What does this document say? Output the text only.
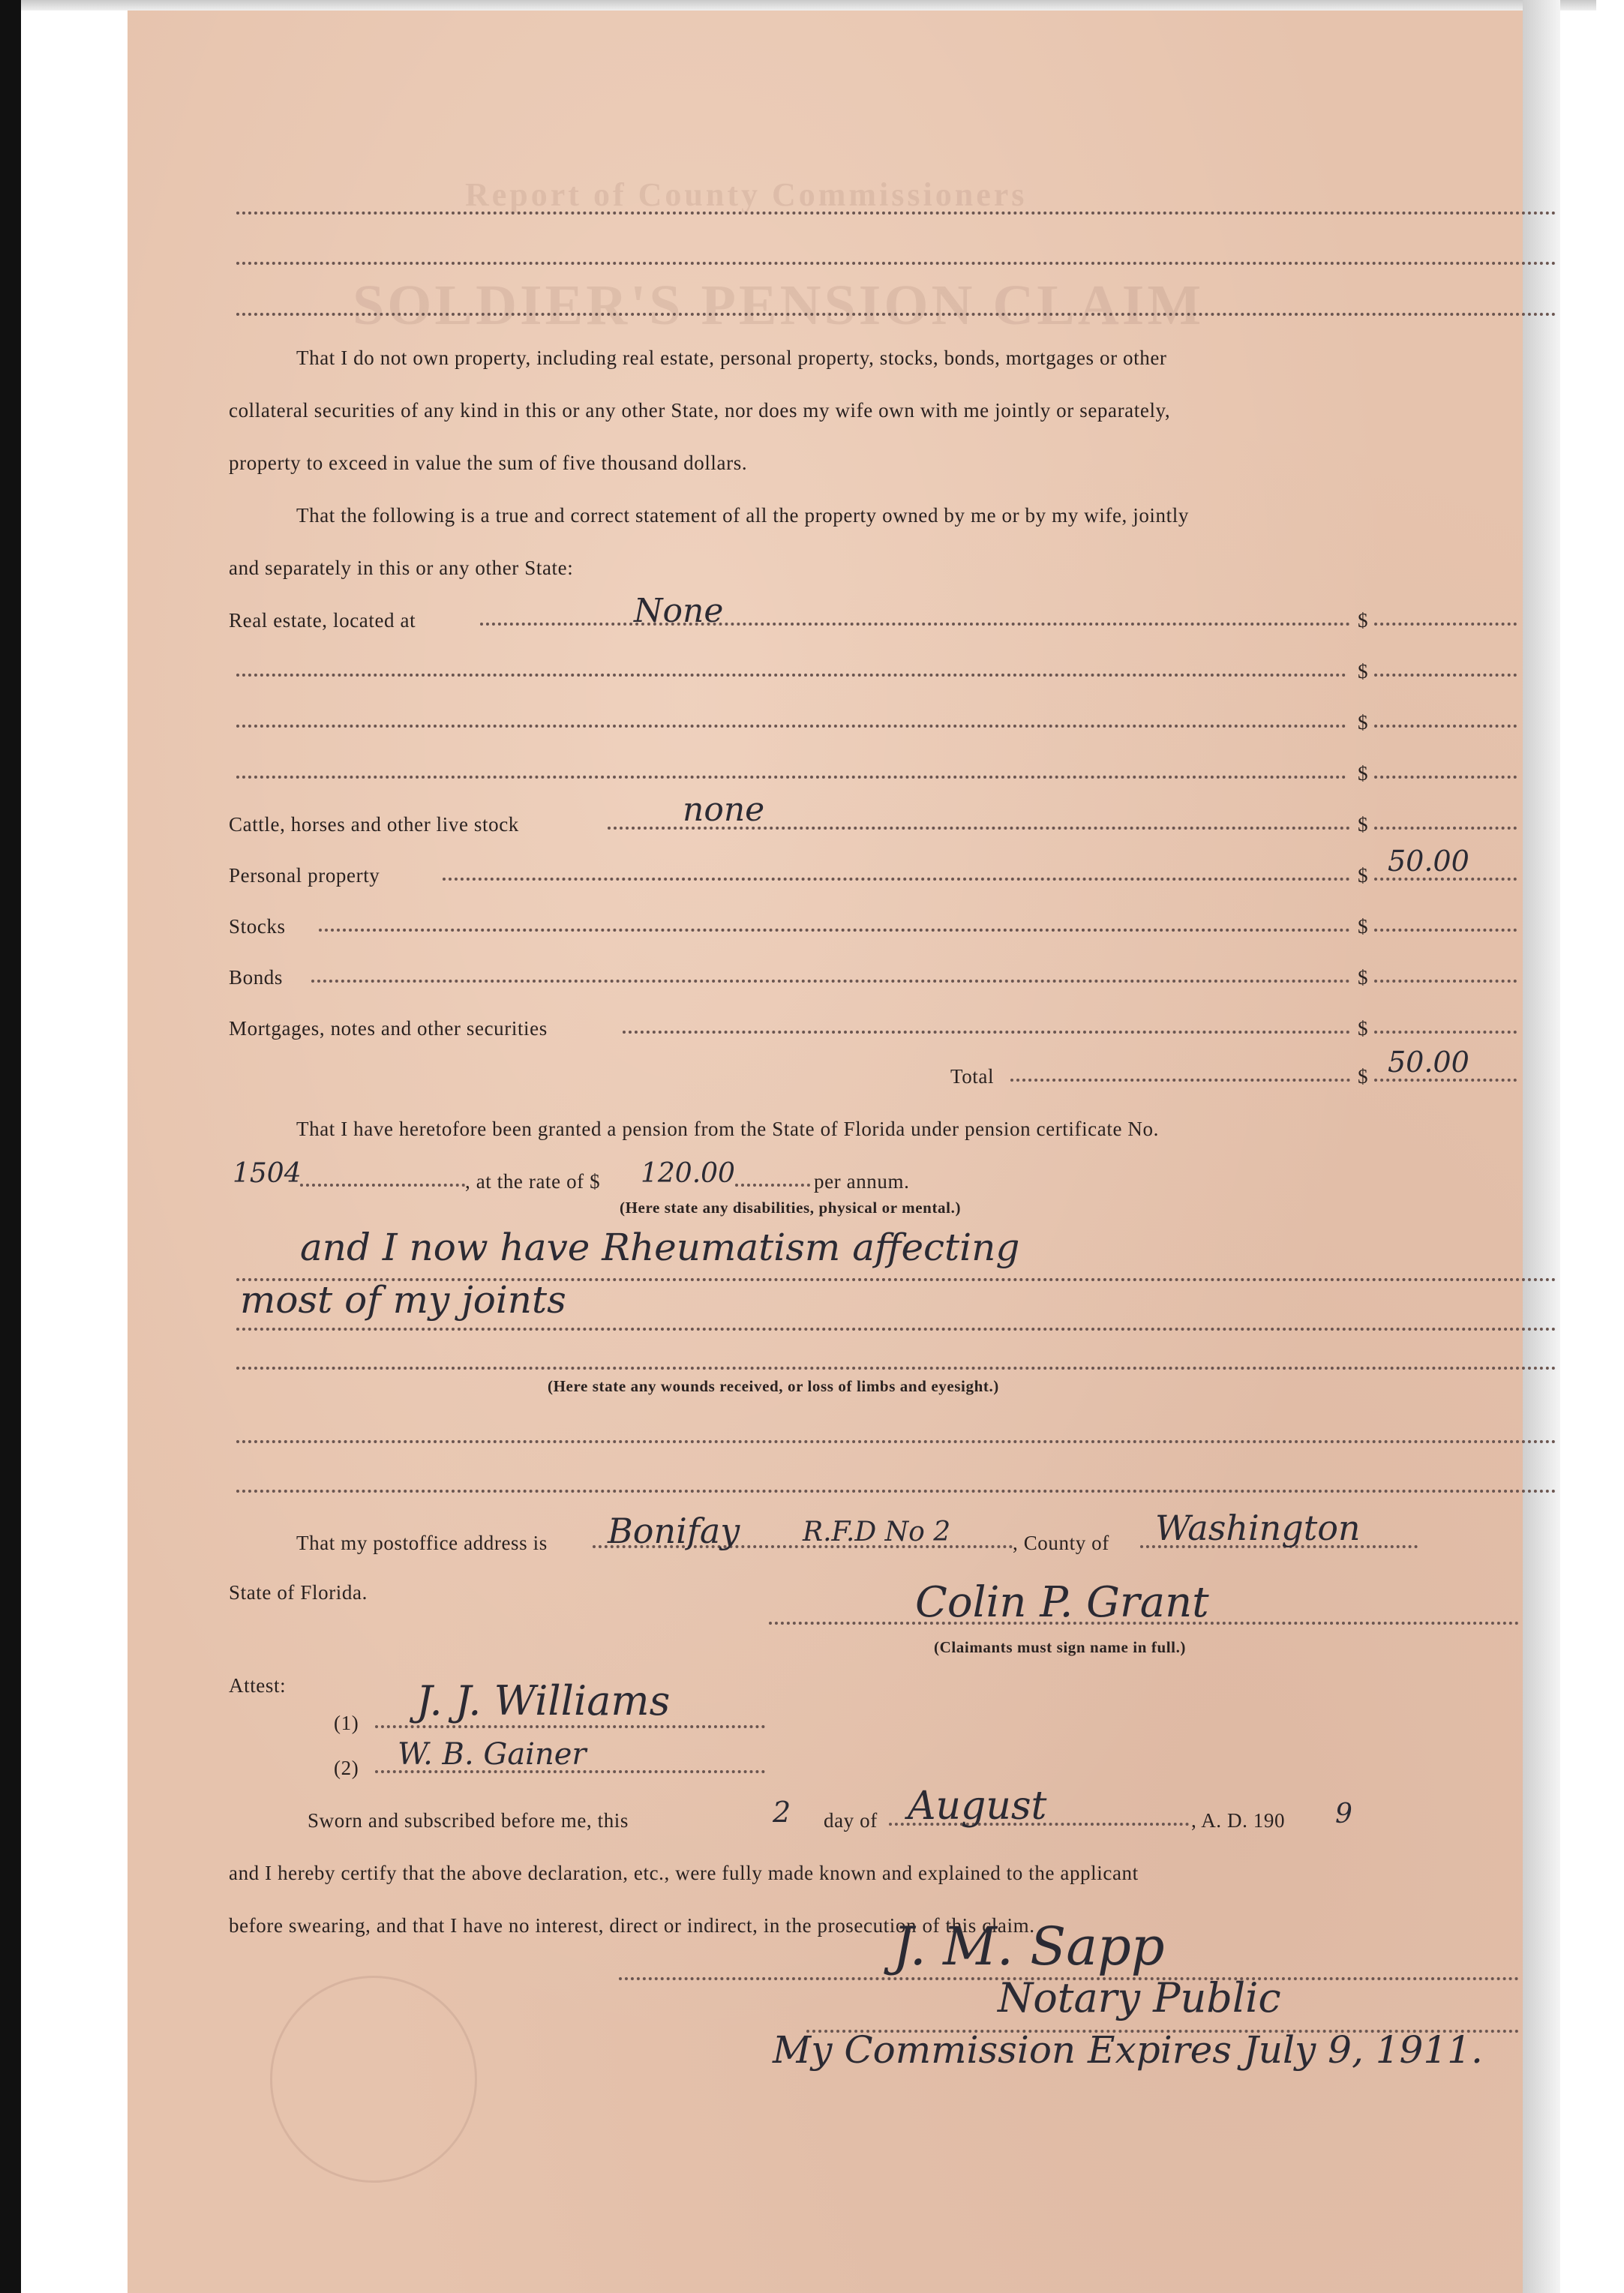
Report of County Commissioners
SOLDIER'S PENSION CLAIM
That I do not own property, including real estate, personal property, stocks, bonds, mortgages or other
collateral securities of any kind in this or any other State, nor does my wife own with me jointly or separately,
property to exceed in value the sum of five thousand dollars.
That the following is a true and correct statement of all the property owned by me or by my wife, jointly
and separately in this or any other State:
Real estate, located at	None	$
$
$
$
Cattle, horses and other live stock	none	$
Personal property	$ 50.00
Stocks	$
Bonds	$
Mortgages, notes and other securities	$
Total	$ 50.00
That I have heretofore been granted a pension from the State of Florida under pension certificate No.
1504	, at the rate of $ 120.00	per annum.
(Here state any disabilities, physical or mental.)
and I now have Rheumatism affecting
most of my joints
(Here state any wounds received, or loss of limbs and eyesight.)
That my postoffice address is Bonifay R.F.D No 2	, County of Washington
State of Florida.	Colin P. Grant
(Claimants must sign name in full.)
Attest:
(1) J. J. Williams
(2) W. B. Gainer
Sworn and subscribed before me, this	2 day of August	, A. D. 190 9
and I hereby certify that the above declaration, etc., were fully made known and explained to the applicant
before swearing, and that I have no interest, direct or indirect, in the prosecution of this claim.
J. M. Sapp
Notary Public
My Commission Expires July 9, 1911.
